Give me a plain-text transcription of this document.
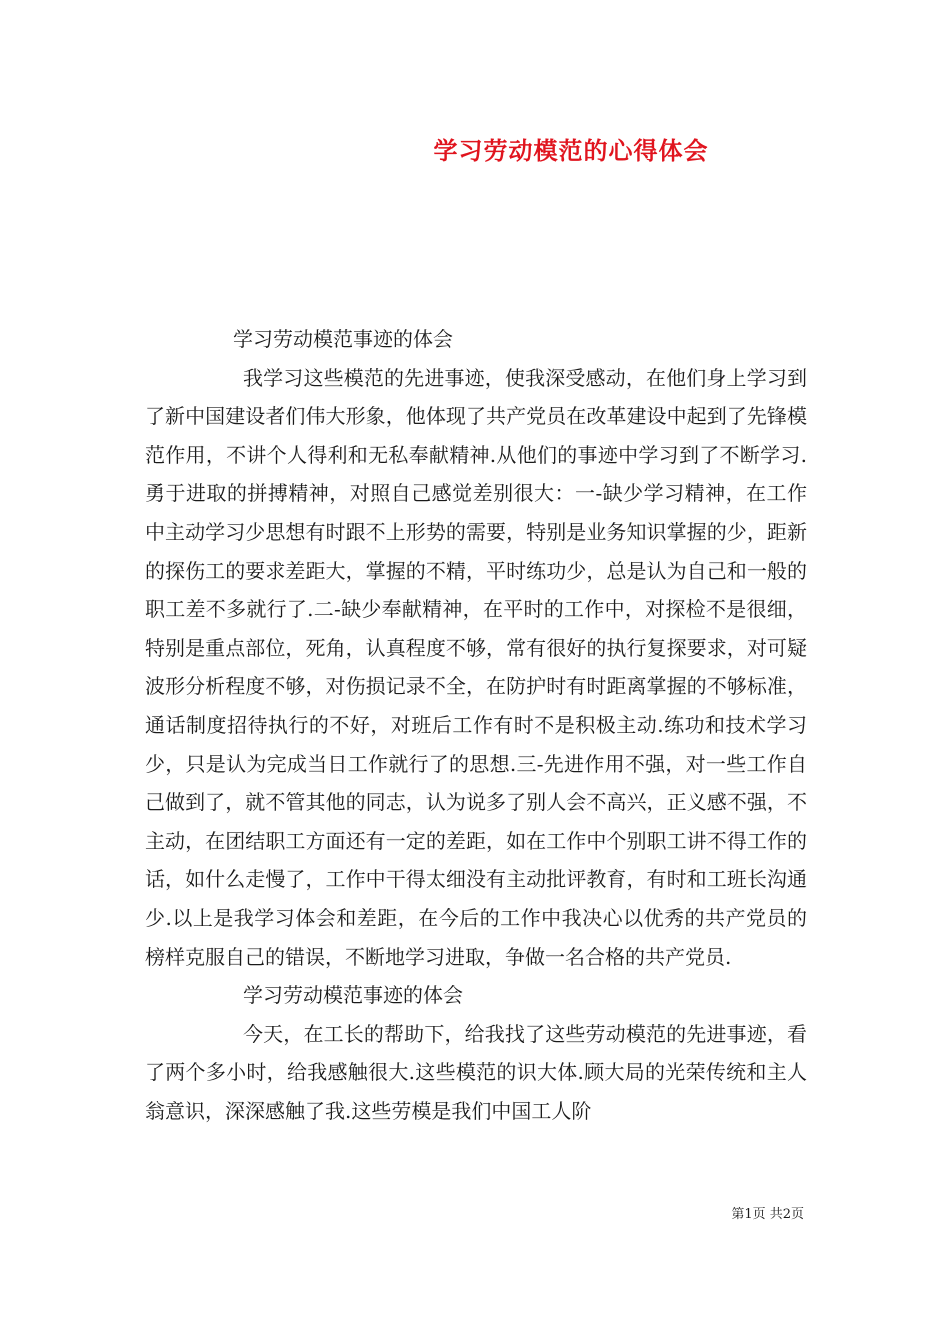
学习劳动模范的心得体会

学习劳动模范事迹的体会

我学习这些模范的先进事迹，使我深受感动，在他们身上学习到了新中国建设者们伟大形象，他体现了共产党员在改革建设中起到了先锋模范作用，不讲个人得利和无私奉献精神.从他们的事迹中学习到了不断学习.勇于进取的拼搏精神，对照自己感觉差别很大：一-缺少学习精神，在工作中主动学习少思想有时跟不上形势的需要，特别是业务知识掌握的少，距新的探伤工的要求差距大，掌握的不精，平时练功少，总是认为自己和一般的职工差不多就行了.二-缺少奉献精神，在平时的工作中，对探检不是很细，特别是重点部位，死角，认真程度不够，常有很好的执行复探要求，对可疑波形分析程度不够，对伤损记录不全，在防护时有时距离掌握的不够标准，通话制度招待执行的不好，对班后工作有时不是积极主动.练功和技术学习少，只是认为完成当日工作就行了的思想.三-先进作用不强，对一些工作自己做到了，就不管其他的同志，认为说多了别人会不高兴，正义感不强，不主动，在团结职工方面还有一定的差距，如在工作中个别职工讲不得工作的话，如什么走慢了，工作中干得太细没有主动批评教育，有时和工班长沟通少.以上是我学习体会和差距，在今后的工作中我决心以优秀的共产党员的榜样克服自己的错误，不断地学习进取，争做一名合格的共产党员.

学习劳动模范事迹的体会

今天，在工长的帮助下，给我找了这些劳动模范的先进事迹，看了两个多小时，给我感触很大.这些模范的识大体.顾大局的光荣传统和主人翁意识，深深感触了我.这些劳模是我们中国工人阶

第1页 共2页
